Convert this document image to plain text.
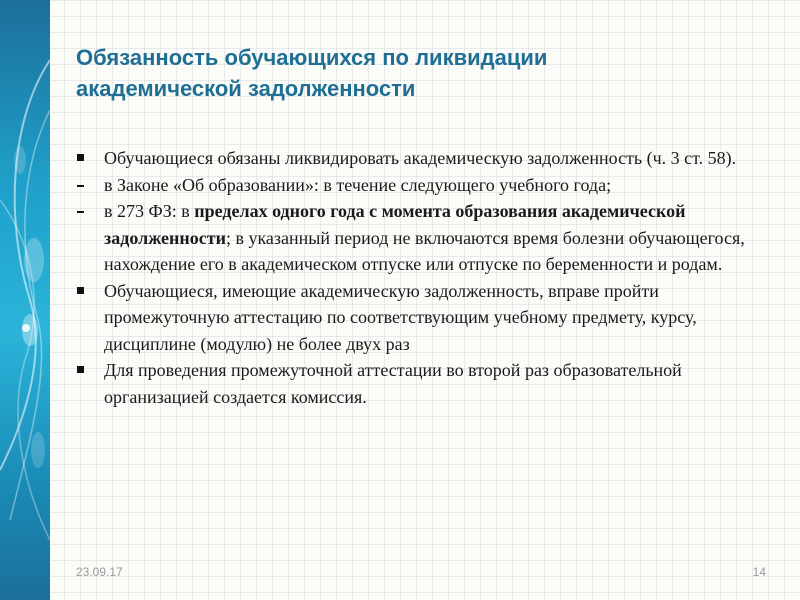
Обязанность обучающихся по ликвидации академической задолженности
Обучающиеся обязаны ликвидировать академическую задолженность (ч. 3 ст. 58).
в Законе «Об образовании»: в течение следующего учебного года;
в 273 ФЗ: в пределах одного года с момента образования академической задолженности; в указанный период не включаются время болезни обучающегося, нахождение его в академическом отпуске или отпуске по беременности и родам.
Обучающиеся, имеющие академическую задолженность, вправе пройти промежуточную аттестацию по соответствующим учебному предмету, курсу, дисциплине (модулю) не более двух раз
Для проведения промежуточной аттестации во второй раз образовательной организацией создается комиссия.
23.09.17	14
